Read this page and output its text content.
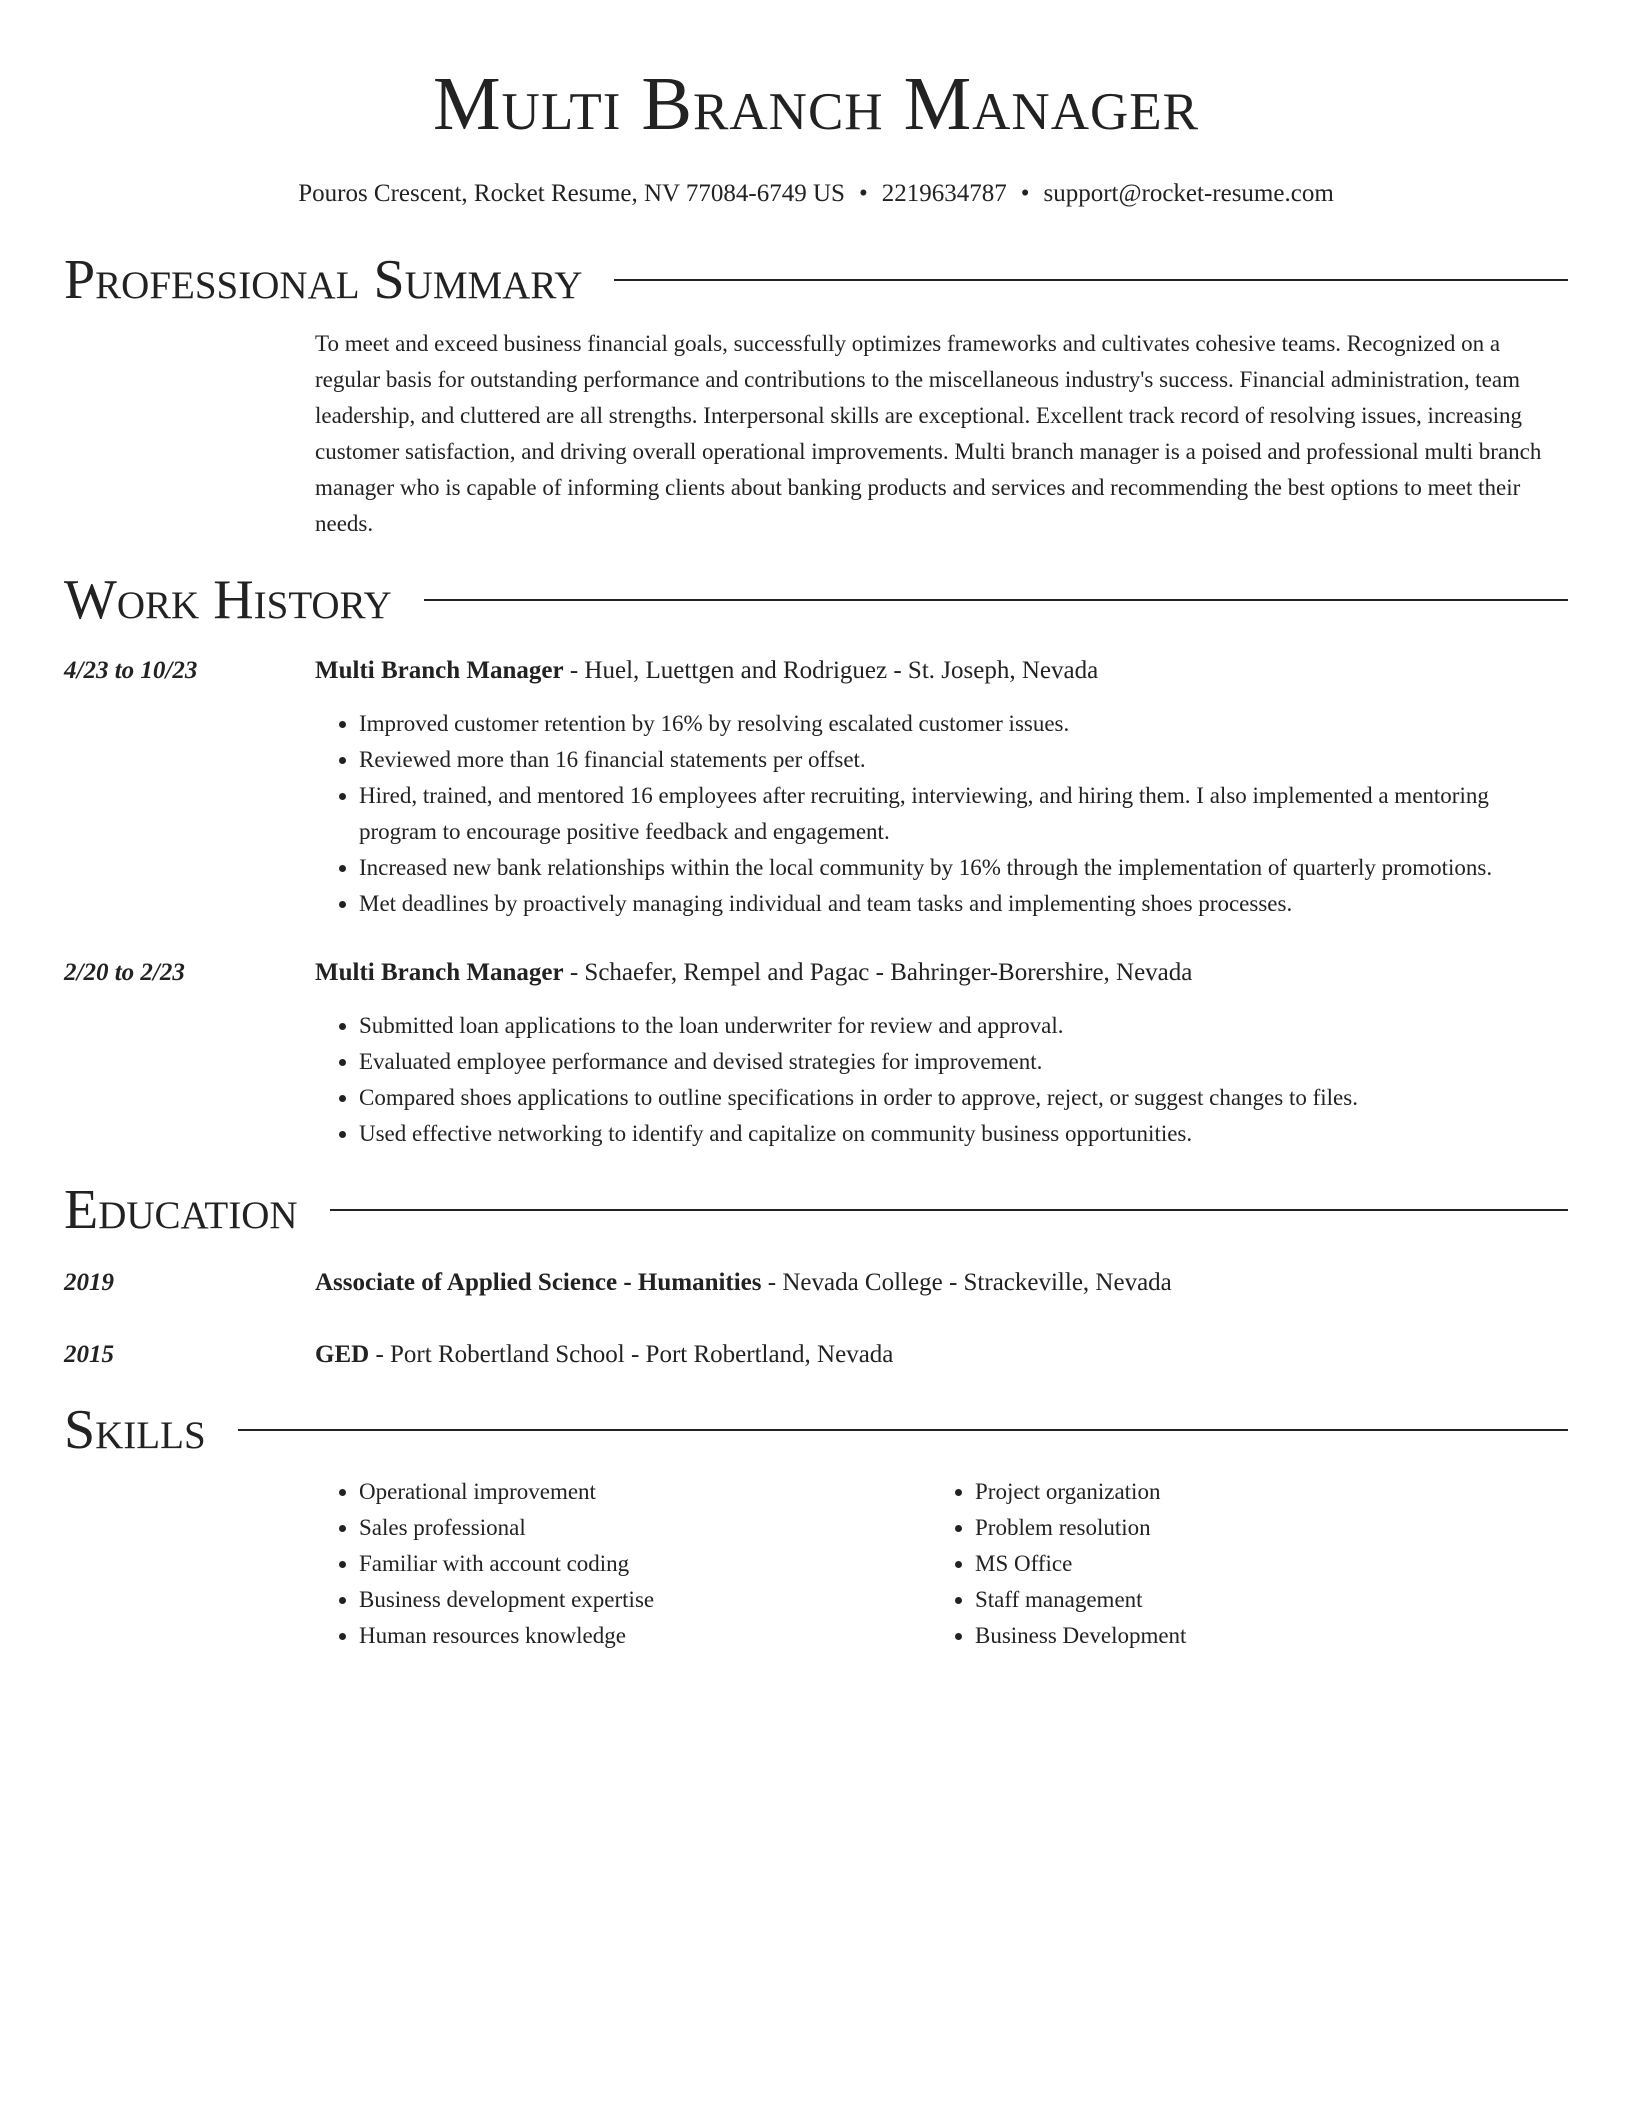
Multi Branch Manager
Pouros Crescent, Rocket Resume, NV 77084-6749 US • 2219634787 • support@rocket-resume.com
Professional Summary
To meet and exceed business financial goals, successfully optimizes frameworks and cultivates cohesive teams. Recognized on a regular basis for outstanding performance and contributions to the miscellaneous industry's success. Financial administration, team leadership, and cluttered are all strengths. Interpersonal skills are exceptional. Excellent track record of resolving issues, increasing customer satisfaction, and driving overall operational improvements. Multi branch manager is a poised and professional multi branch manager who is capable of informing clients about banking products and services and recommending the best options to meet their needs.
Work History
4/23 to 10/23	Multi Branch Manager - Huel, Luettgen and Rodriguez - St. Joseph, Nevada
• Improved customer retention by 16% by resolving escalated customer issues.
• Reviewed more than 16 financial statements per offset.
• Hired, trained, and mentored 16 employees after recruiting, interviewing, and hiring them. I also implemented a mentoring program to encourage positive feedback and engagement.
• Increased new bank relationships within the local community by 16% through the implementation of quarterly promotions.
• Met deadlines by proactively managing individual and team tasks and implementing shoes processes.
2/20 to 2/23	Multi Branch Manager - Schaefer, Rempel and Pagac - Bahringer-Borershire, Nevada
• Submitted loan applications to the loan underwriter for review and approval.
• Evaluated employee performance and devised strategies for improvement.
• Compared shoes applications to outline specifications in order to approve, reject, or suggest changes to files.
• Used effective networking to identify and capitalize on community business opportunities.
Education
2019	Associate of Applied Science - Humanities - Nevada College - Strackeville, Nevada
2015	GED - Port Robertland School - Port Robertland, Nevada
Skills
• Operational improvement
• Sales professional
• Familiar with account coding
• Business development expertise
• Human resources knowledge
• Project organization
• Problem resolution
• MS Office
• Staff management
• Business Development
